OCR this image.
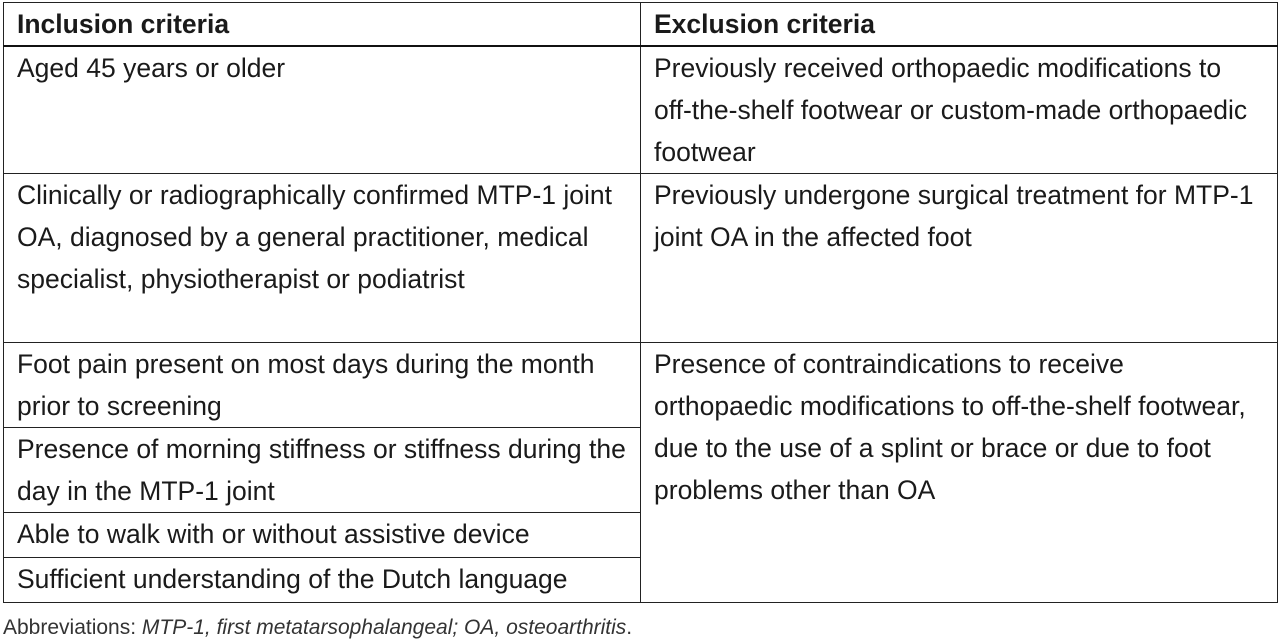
Inclusion criteria	Exclusion criteria
Aged 45 years or older	Previously received orthopaedic modifications to off-the-shelf footwear or custom-made orthopaedic footwear
Clinically or radiographically confirmed MTP-1 joint OA, diagnosed by a general practitioner, medical specialist, physiotherapist or podiatrist	Previously undergone surgical treatment for MTP-1 joint OA in the affected foot
Foot pain present on most days during the month prior to screening	Presence of contraindications to receive orthopaedic modifications to off-the-shelf footwear, due to the use of a splint or brace or due to foot problems other than OA
Presence of morning stiffness or stiffness during the day in the MTP-1 joint	
Able to walk with or without assistive device	
Sufficient understanding of the Dutch language	
Abbreviations: MTP-1, first metatarsophalangeal; OA, osteoarthritis.
